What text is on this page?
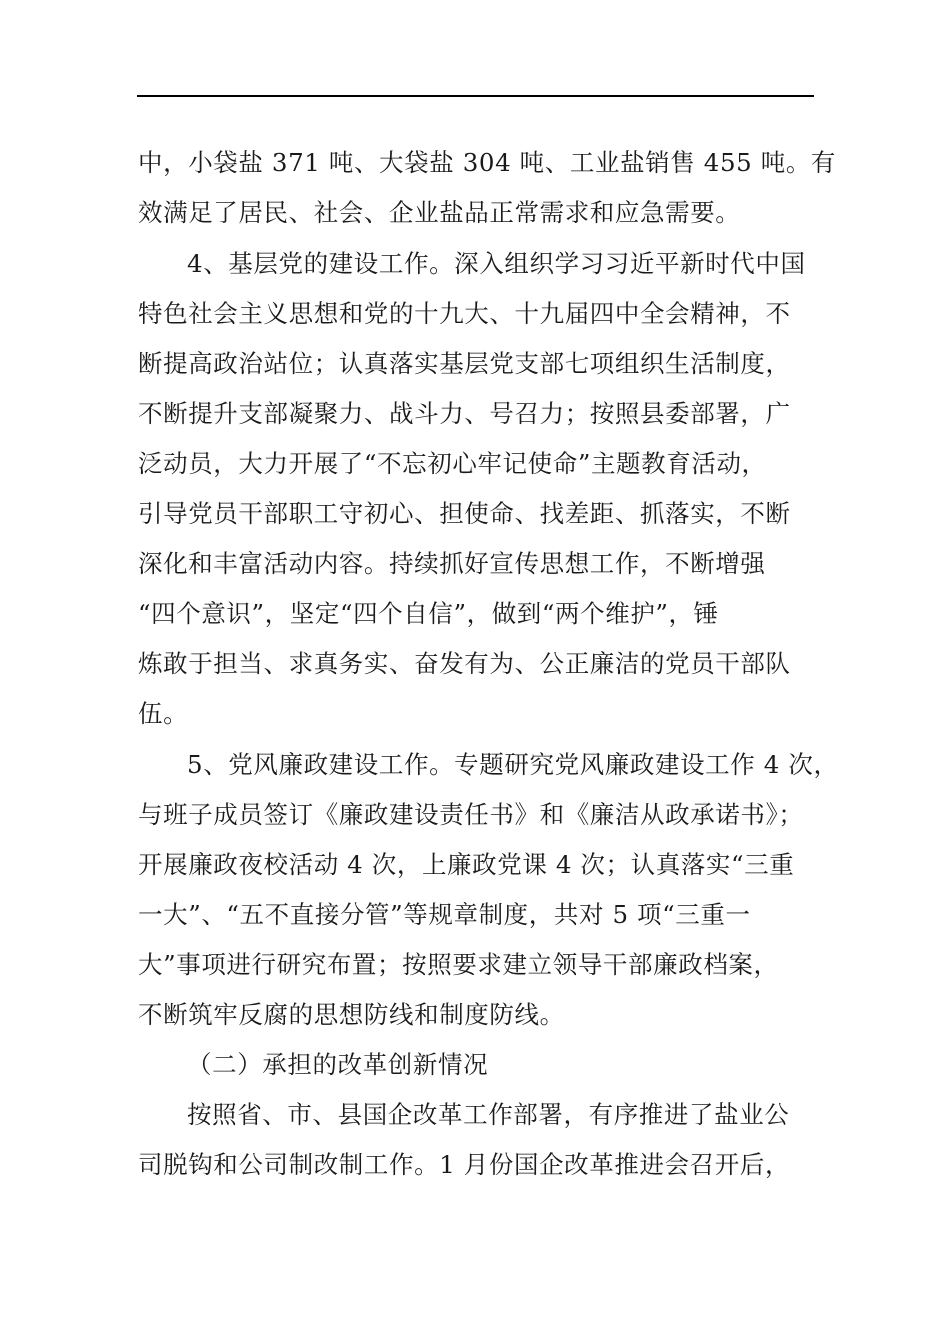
中，小袋盐 371 吨、大袋盐 304 吨、工业盐销售 455 吨。有
效满足了居民、社会、企业盐品正常需求和应急需要。
4、基层党的建设工作。深入组织学习习近平新时代中国
特色社会主义思想和党的十九大、十九届四中全会精神，不
断提高政治站位；认真落实基层党支部七项组织生活制度，
不断提升支部凝聚力、战斗力、号召力；按照县委部署，广
泛动员，大力开展了“不忘初心牢记使命”主题教育活动，
引导党员干部职工守初心、担使命、找差距、抓落实，不断
深化和丰富活动内容。持续抓好宣传思想工作，不断增强
“四个意识”，坚定“四个自信”，做到“两个维护”，锤
炼敢于担当、求真务实、奋发有为、公正廉洁的党员干部队
伍。
5、党风廉政建设工作。专题研究党风廉政建设工作 4 次，
与班子成员签订《廉政建设责任书》和《廉洁从政承诺书》；
开展廉政夜校活动 4 次，上廉政党课 4 次；认真落实“三重
一大”、“五不直接分管”等规章制度，共对 5 项“三重一
大”事项进行研究布置；按照要求建立领导干部廉政档案，
不断筑牢反腐的思想防线和制度防线。
（二）承担的改革创新情况
按照省、市、县国企改革工作部署，有序推进了盐业公
司脱钩和公司制改制工作。1 月份国企改革推进会召开后，
